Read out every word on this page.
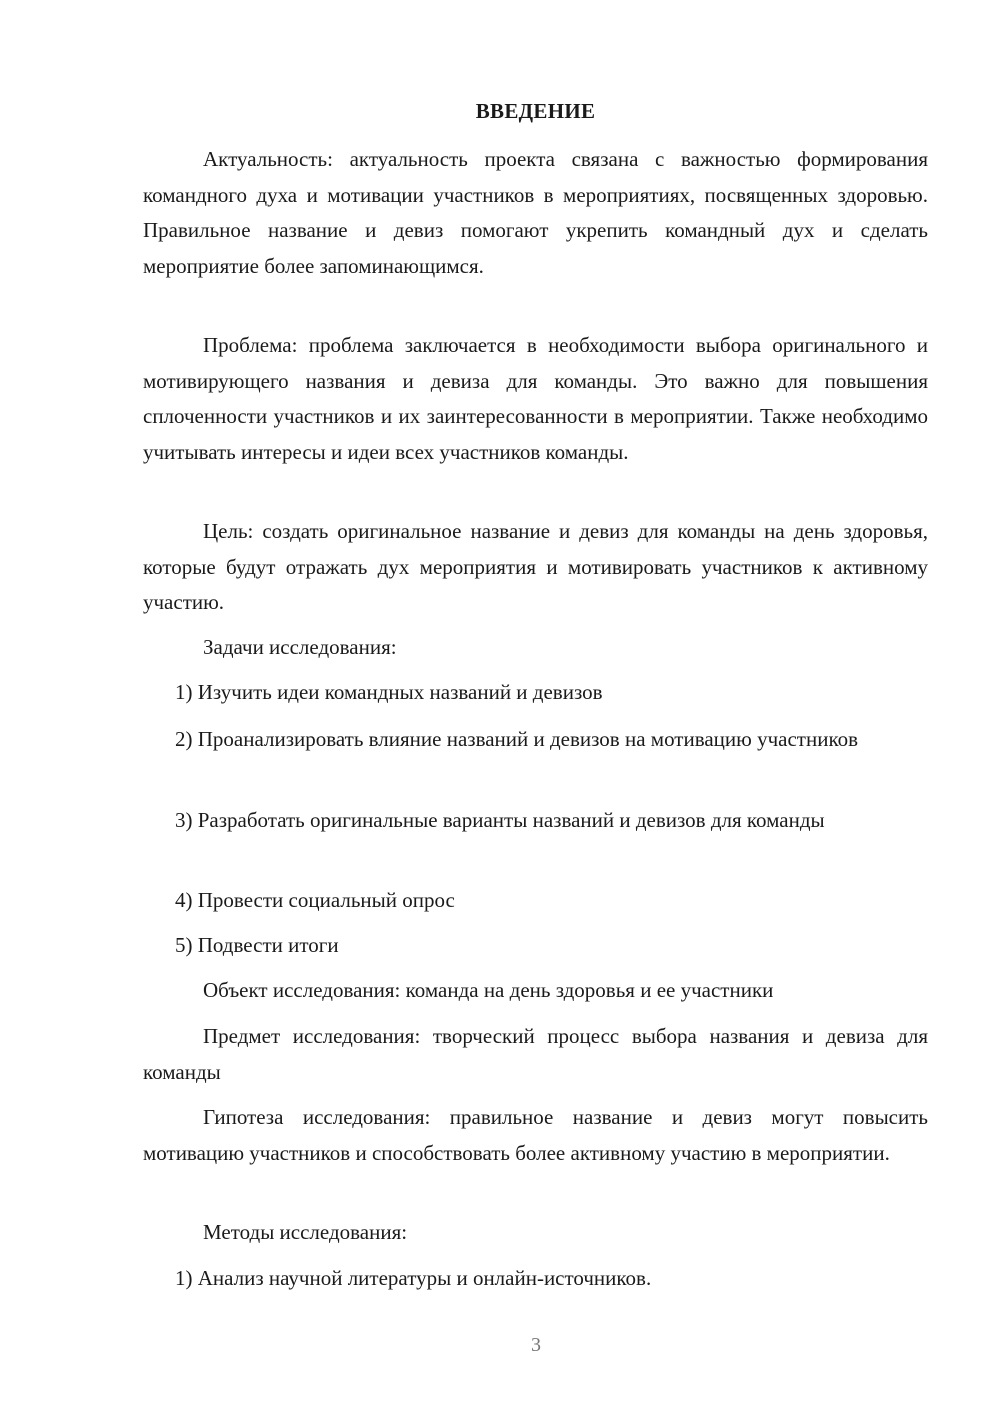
ВВЕДЕНИЕ

Актуальность: актуальность проекта связана с важностью формирования командного духа и мотивации участников в мероприятиях, посвященных здоровью. Правильное название и девиз помогают укрепить командный дух и сделать мероприятие более запоминающимся.

Проблема: проблема заключается в необходимости выбора оригинального и мотивирующего названия и девиза для команды. Это важно для повышения сплоченности участников и их заинтересованности в мероприятии. Также необходимо учитывать интересы и идеи всех участников команды.

Цель: создать оригинальное название и девиз для команды на день здоровья, которые будут отражать дух мероприятия и мотивировать участников к активному участию.

Задачи исследования:

1) Изучить идеи командных названий и девизов

2) Проанализировать влияние названий и девизов на мотивацию участников

3) Разработать оригинальные варианты названий и девизов для команды

4) Провести социальный опрос

5) Подвести итоги

Объект исследования: команда на день здоровья и ее участники

Предмет исследования: творческий процесс выбора названия и девиза для команды

Гипотеза исследования: правильное название и девиз могут повысить мотивацию участников и способствовать более активному участию в мероприятии.

Методы исследования:

1) Анализ научной литературы и онлайн-источников.

3
